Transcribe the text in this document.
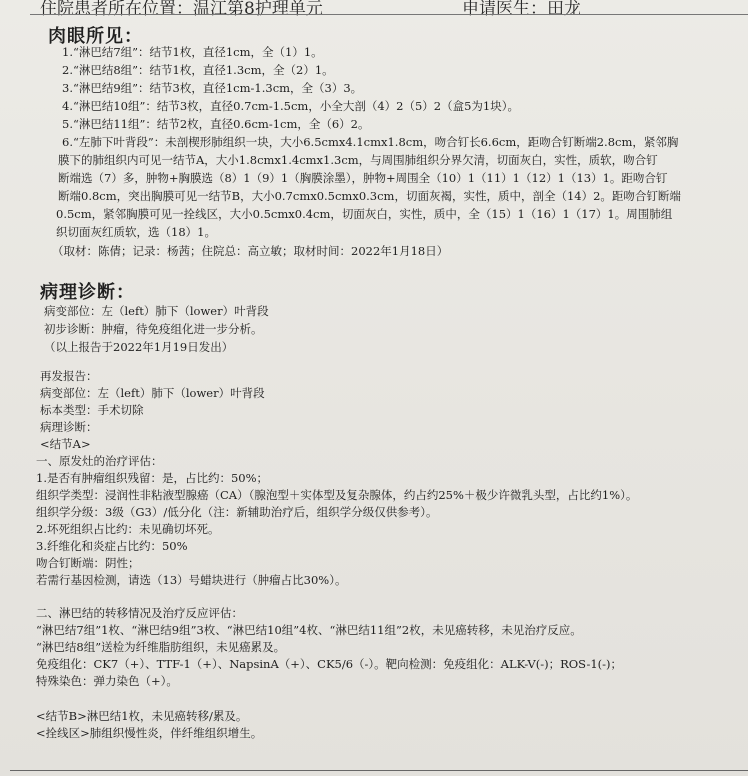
住院患者所在位置：温江第8护理单元	申请医生：田龙
肉眼所见：
1.“淋巴结7组”：结节1枚，直径1cm，全（1）1。
2.“淋巴结8组”：结节1枚，直径1.3cm，全（2）1。
3.“淋巴结9组”：结节3枚，直径1cm-1.3cm，全（3）3。
4.“淋巴结10组”：结节3枚，直径0.7cm-1.5cm，小全大剖（4）2（5）2（盒5为1块）。
5.“淋巴结11组”：结节2枚，直径0.6cm-1cm，全（6）2。
6.“左肺下叶背段”：未剖楔形肺组织一块，大小6.5cmx4.1cmx1.8cm，吻合钉长6.6cm，距吻合钉断端2.8cm，紧邻胸
膜下的肺组织内可见一结节A，大小1.8cmx1.4cmx1.3cm，与周围肺组织分界欠清，切面灰白，实性，质软，吻合钉
断端选（7）多，肿物+胸膜选（8）1（9）1（胸膜涂墨），肿物+周围全（10）1（11）1（12）1（13）1。距吻合钉
断端0.8cm，突出胸膜可见一结节B，大小0.7cmx0.5cmx0.3cm，切面灰褐，实性，质中，剖全（14）2。距吻合钉断端
0.5cm，紧邻胸膜可见一拴线区，大小0.5cmx0.4cm，切面灰白，实性，质中，全（15）1（16）1（17）1。周围肺组
织切面灰红质软，选（18）1。
（取材：陈倩；记录：杨茜；住院总：高立敏；取材时间：2022年1月18日）
病理诊断：
病变部位：左（left）肺下（lower）叶背段
初步诊断：肿瘤，待免疫组化进一步分析。
（以上报告于2022年1月19日发出）
再发报告：
病变部位：左（left）肺下（lower）叶背段
标本类型：手术切除
病理诊断：
<结节A>
一、原发灶的治疗评估：
1.是否有肿瘤组织残留：是，占比约：50%；
组织学类型：浸润性非粘液型腺癌（CA）（腺泡型＋实体型及复杂腺体，约占约25%＋极少许微乳头型，占比约1%）。
组织学分级：3级（G3）/低分化（注：新辅助治疗后，组织学分级仅供参考）。
2.坏死组织占比约：未见确切坏死。
3.纤维化和炎症占比约：50%
吻合钉断端：阴性；
若需行基因检测，请选（13）号蜡块进行（肿瘤占比30%）。
二、淋巴结的转移情况及治疗反应评估：
“淋巴结7组”1枚、“淋巴结9组”3枚、“淋巴结10组”4枚、“淋巴结11组”2枚，未见癌转移，未见治疗反应。
“淋巴结8组”送检为纤维脂肪组织，未见癌累及。
免疫组化：CK7（+）、TTF-1（+）、NapsinA（+）、CK5/6（-）。靶向检测：免疫组化：ALK-V(-)；ROS-1(-)；
特殊染色：弹力染色（+）。
<结节B>淋巴结1枚，未见癌转移/累及。
<拴线区>肺组织慢性炎，伴纤维组织增生。
